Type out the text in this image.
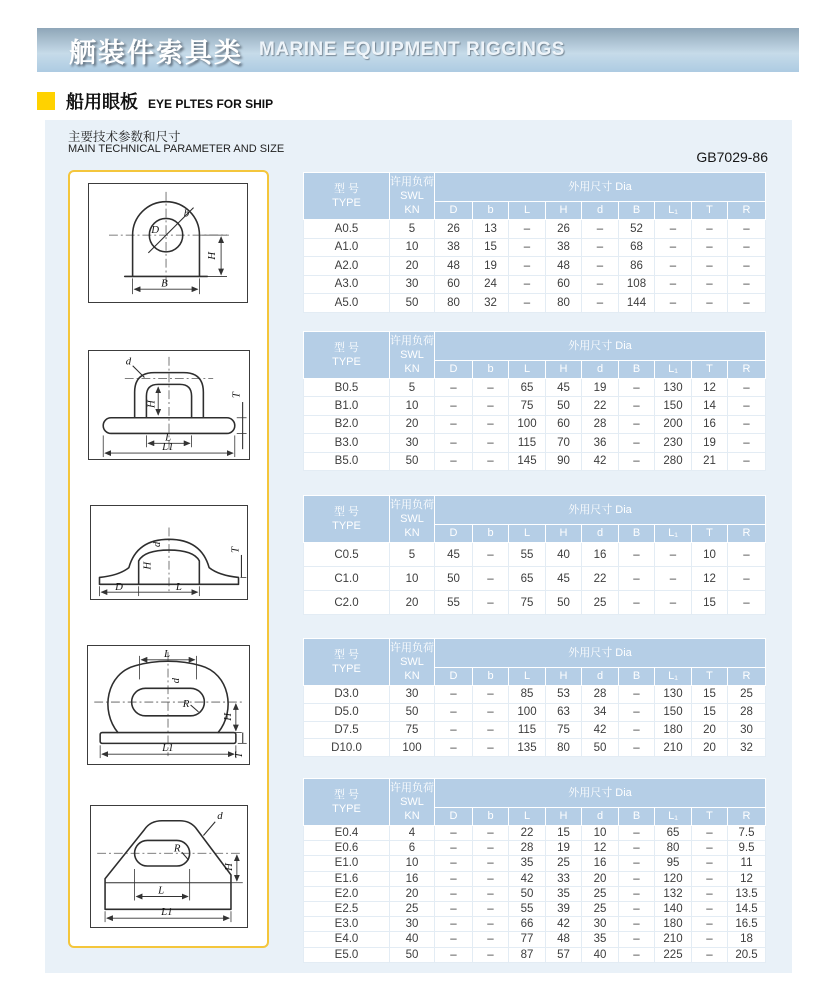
舾装件索具类 MARINE EQUIPMENT RIGGINGS
船用眼板 EYE PLTES FOR SHIP
主要技术参数和尺寸
MAIN TECHNICAL PARAMETER AND SIZE	GB7029-86
D
b
H
B
d
H
L
L1
T
d
H
D	L
T
L
d
R
H
L1
T
d
R
H
L
L1
型 号
TYPE	许用负荷
SWL
KN	外用尺寸 Dia								
		D	b	L	H	d	B	L₁	T	R
A0.5	5	26	13	–	26	–	52	–	–	–
A1.0	10	38	15	–	38	–	68	–	–	–
A2.0	20	48	19	–	48	–	86	–	–	–
A3.0	30	60	24	–	60	–	108	–	–	–
A5.0	50	80	32	–	80	–	144	–	–	–
型 号
TYPE	许用负荷
SWL
KN	外用尺寸 Dia								
		D	b	L	H	d	B	L₁	T	R
B0.5	5	–	–	65	45	19	–	130	12	–
B1.0	10	–	–	75	50	22	–	150	14	–
B2.0	20	–	–	100	60	28	–	200	16	–
B3.0	30	–	–	115	70	36	–	230	19	–
B5.0	50	–	–	145	90	42	–	280	21	–
型 号
TYPE	许用负荷
SWL
KN	外用尺寸 Dia								
		D	b	L	H	d	B	L₁	T	R
C0.5	5	45	–	55	40	16	–	–	10	–
C1.0	10	50	–	65	45	22	–	–	12	–
C2.0	20	55	–	75	50	25	–	–	15	–
型 号
TYPE	许用负荷
SWL
KN	外用尺寸 Dia								
		D	b	L	H	d	B	L₁	T	R
D3.0	30	–	–	85	53	28	–	130	15	25
D5.0	50	–	–	100	63	34	–	150	15	28
D7.5	75	–	–	115	75	42	–	180	20	30
D10.0	100	–	–	135	80	50	–	210	20	32
型 号
TYPE	许用负荷
SWL
KN	外用尺寸 Dia								
		D	b	L	H	d	B	L₁	T	R
E0.4	4	–	–	22	15	10	–	65	–	7.5
E0.6	6	–	–	28	19	12	–	80	–	9.5
E1.0	10	–	–	35	25	16	–	95	–	11
E1.6	16	–	–	42	33	20	–	120	–	12
E2.0	20	–	–	50	35	25	–	132	–	13.5
E2.5	25	–	–	55	39	25	–	140	–	14.5
E3.0	30	–	–	66	42	30	–	180	–	16.5
E4.0	40	–	–	77	48	35	–	210	–	18
E5.0	50	–	–	87	57	40	–	225	–	20.5
